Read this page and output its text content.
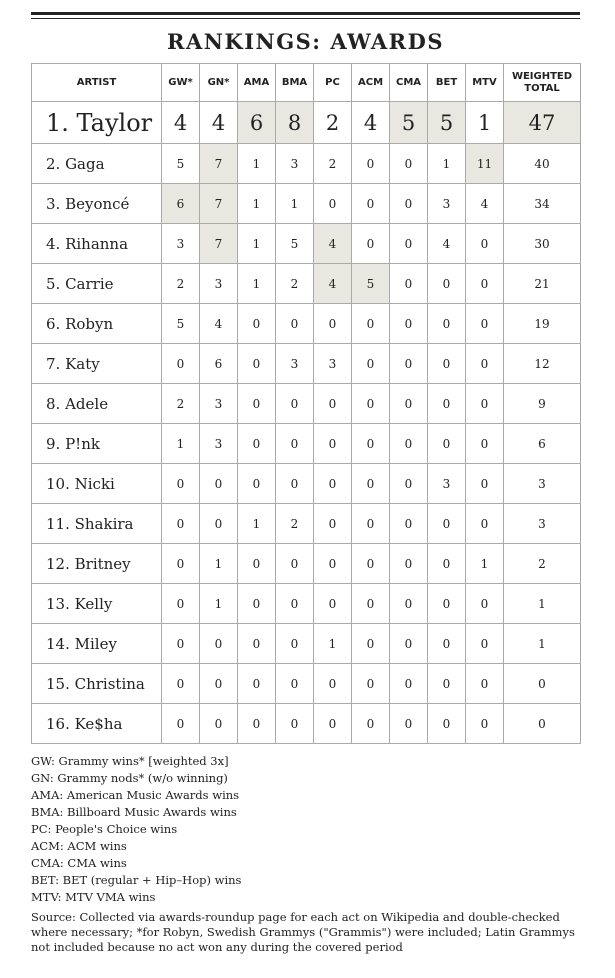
RANKINGS: AWARDS
ARTIST	GW*	GN*	AMA	BMA	PC	ACM	CMA	BET	MTV	WEIGHTED TOTAL
1. Taylor	4	4	6	8	2	4	5	5	1	47
2. Gaga	5	7	1	3	2	0	0	1	11	40
3. Beyoncé	6	7	1	1	0	0	0	3	4	34
4. Rihanna	3	7	1	5	4	0	0	4	0	30
5. Carrie	2	3	1	2	4	5	0	0	0	21
6. Robyn	5	4	0	0	0	0	0	0	0	19
7. Katy	0	6	0	3	3	0	0	0	0	12
8. Adele	2	3	0	0	0	0	0	0	0	9
9. P!nk	1	3	0	0	0	0	0	0	0	6
10. Nicki	0	0	0	0	0	0	0	3	0	3
11. Shakira	0	0	1	2	0	0	0	0	0	3
12. Britney	0	1	0	0	0	0	0	0	1	2
13. Kelly	0	1	0	0	0	0	0	0	0	1
14. Miley	0	0	0	0	1	0	0	0	0	1
15. Christina	0	0	0	0	0	0	0	0	0	0
16. Ke$ha	0	0	0	0	0	0	0	0	0	0
GW: Grammy wins* [weighted 3x]
GN: Grammy nods* (w/o winning)
AMA: American Music Awards wins
BMA: Billboard Music Awards wins
PC: People's Choice wins
ACM: ACM wins
CMA: CMA wins
BET: BET (regular + Hip–Hop) wins
MTV: MTV VMA wins
Source: Collected via awards-roundup page for each act on Wikipedia and double-checked where necessary; *for Robyn, Swedish Grammys ("Grammis") were included; Latin Grammys not included because no act won any during the covered period
